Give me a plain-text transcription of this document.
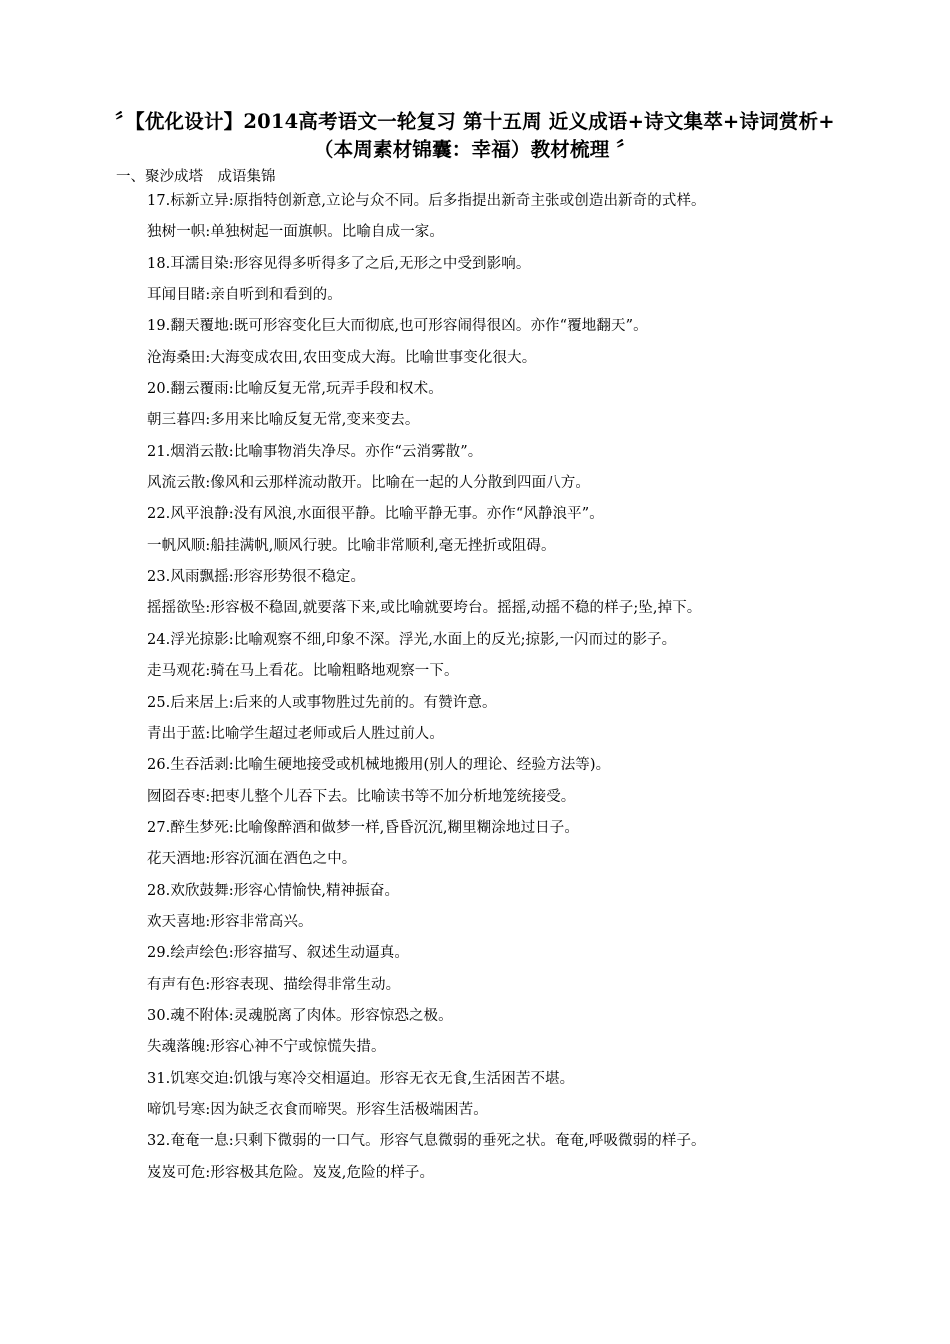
〞【优化设计】2014高考语文一轮复习 第十五周 近义成语+诗文集萃+诗词赏析+（本周素材锦囊：幸福）教材梳理 〞
一、聚沙成塔　成语集锦
17.标新立异:原指特创新意,立论与众不同。后多指提出新奇主张或创造出新奇的式样。
独树一帜:单独树起一面旗帜。比喻自成一家。
18.耳濡目染:形容见得多听得多了之后,无形之中受到影响。
耳闻目睹:亲自听到和看到的。
19.翻天覆地:既可形容变化巨大而彻底,也可形容闹得很凶。亦作“覆地翻天”。
沧海桑田:大海变成农田,农田变成大海。比喻世事变化很大。
20.翻云覆雨:比喻反复无常,玩弄手段和权术。
朝三暮四:多用来比喻反复无常,变来变去。
21.烟消云散:比喻事物消失净尽。亦作“云消雾散”。
风流云散:像风和云那样流动散开。比喻在一起的人分散到四面八方。
22.风平浪静:没有风浪,水面很平静。比喻平静无事。亦作“风静浪平”。
一帆风顺:船挂满帆,顺风行驶。比喻非常顺利,毫无挫折或阻碍。
23.风雨飘摇:形容形势很不稳定。
摇摇欲坠:形容极不稳固,就要落下来,或比喻就要垮台。摇摇,动摇不稳的样子;坠,掉下。
24.浮光掠影:比喻观察不细,印象不深。浮光,水面上的反光;掠影,一闪而过的影子。
走马观花:骑在马上看花。比喻粗略地观察一下。
25.后来居上:后来的人或事物胜过先前的。有赞许意。
青出于蓝:比喻学生超过老师或后人胜过前人。
26.生吞活剥:比喻生硬地接受或机械地搬用(别人的理论、经验方法等)。
囫囵吞枣:把枣儿整个儿吞下去。比喻读书等不加分析地笼统接受。
27.醉生梦死:比喻像醉酒和做梦一样,昏昏沉沉,糊里糊涂地过日子。
花天酒地:形容沉湎在酒色之中。
28.欢欣鼓舞:形容心情愉快,精神振奋。
欢天喜地:形容非常高兴。
29.绘声绘色:形容描写、叙述生动逼真。
有声有色:形容表现、描绘得非常生动。
30.魂不附体:灵魂脱离了肉体。形容惊恐之极。
失魂落魄:形容心神不宁或惊慌失措。
31.饥寒交迫:饥饿与寒冷交相逼迫。形容无衣无食,生活困苦不堪。
啼饥号寒:因为缺乏衣食而啼哭。形容生活极端困苦。
32.奄奄一息:只剩下微弱的一口气。形容气息微弱的垂死之状。奄奄,呼吸微弱的样子。
岌岌可危:形容极其危险。岌岌,危险的样子。
